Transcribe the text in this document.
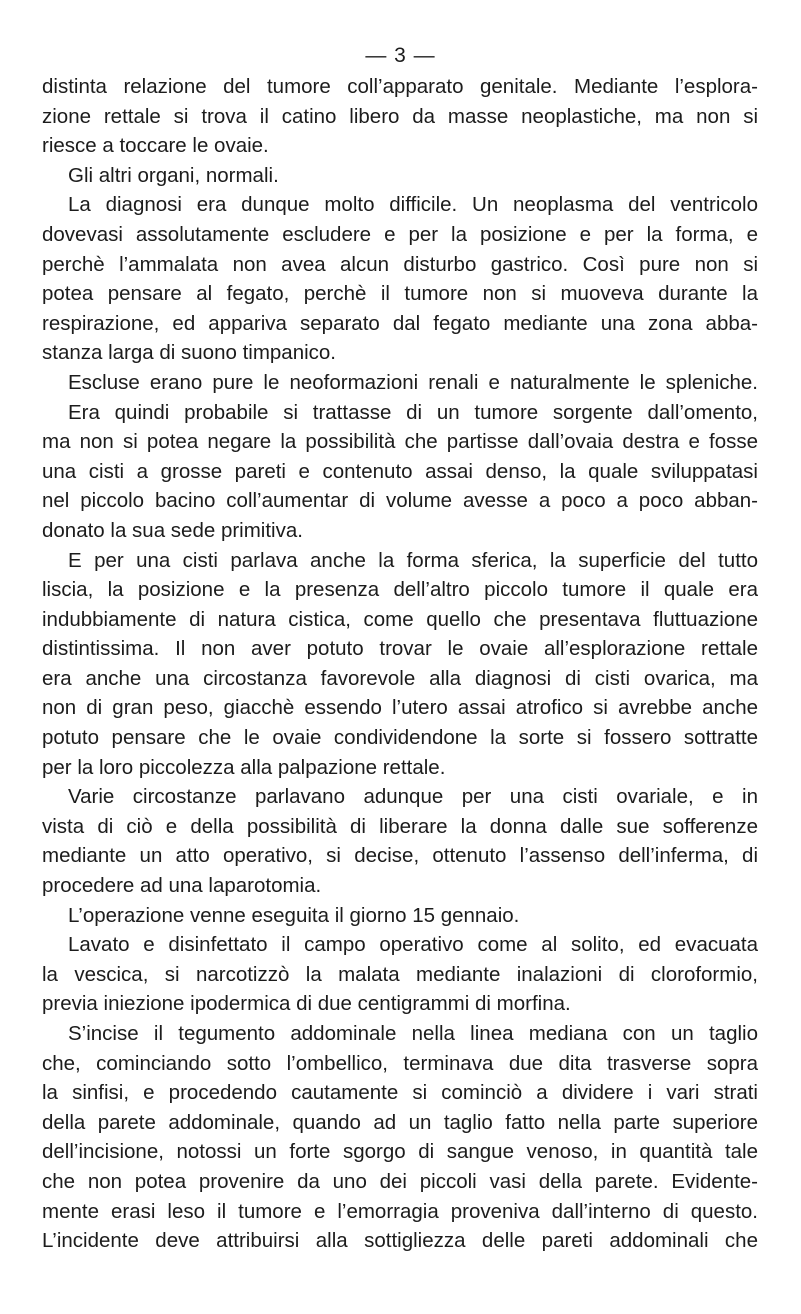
— 3 —
distinta relazione del tumore coll’apparato genitale. Mediante l’esplora-
zione rettale si trova il catino libero da masse neoplastiche, ma non si
riesce a toccare le ovaie.
Gli altri organi, normali.
La diagnosi era dunque molto difficile. Un neoplasma del ventricolo
dovevasi assolutamente escludere e per la posizione e per la forma, e
perchè l’ammalata non avea alcun disturbo gastrico. Così pure non si
potea pensare al fegato, perchè il tumore non si muoveva durante la
respirazione, ed appariva separato dal fegato mediante una zona abba-
stanza larga di suono timpanico.
Escluse erano pure le neoformazioni renali e naturalmente le spleniche.
Era quindi probabile si trattasse di un tumore sorgente dall’omento,
ma non si potea negare la possibilità che partisse dall’ovaia destra e fosse
una cisti a grosse pareti e contenuto assai denso, la quale sviluppatasi
nel piccolo bacino coll’aumentar di volume avesse a poco a poco abban-
donato la sua sede primitiva.
E per una cisti parlava anche la forma sferica, la superficie del tutto
liscia, la posizione e la presenza dell’altro piccolo tumore il quale era
indubbiamente di natura cistica, come quello che presentava fluttuazione
distintissima. Il non aver potuto trovar le ovaie all’esplorazione rettale
era anche una circostanza favorevole alla diagnosi di cisti ovarica, ma
non di gran peso, giacchè essendo l’utero assai atrofico si avrebbe anche
potuto pensare che le ovaie condividendone la sorte si fossero sottratte
per la loro piccolezza alla palpazione rettale.
Varie circostanze parlavano adunque per una cisti ovariale, e in
vista di ciò e della possibilità di liberare la donna dalle sue sofferenze
mediante un atto operativo, si decise, ottenuto l’assenso dell’inferma, di
procedere ad una laparotomia.
L’operazione venne eseguita il giorno 15 gennaio.
Lavato e disinfettato il campo operativo come al solito, ed evacuata
la vescica, si narcotizzò la malata mediante inalazioni di cloroformio,
previa iniezione ipodermica di due centigrammi di morfina.
S’incise il tegumento addominale nella linea mediana con un taglio
che, cominciando sotto l’ombellico, terminava due dita trasverse sopra
la sinfisi, e procedendo cautamente si cominciò a dividere i vari strati
della parete addominale, quando ad un taglio fatto nella parte superiore
dell’incisione, notossi un forte sgorgo di sangue venoso, in quantità tale
che non potea provenire da uno dei piccoli vasi della parete. Evidente-
mente erasi leso il tumore e l’emorragia proveniva dall’interno di questo.
L’incidente deve attribuirsi alla sottigliezza delle pareti addominali che
